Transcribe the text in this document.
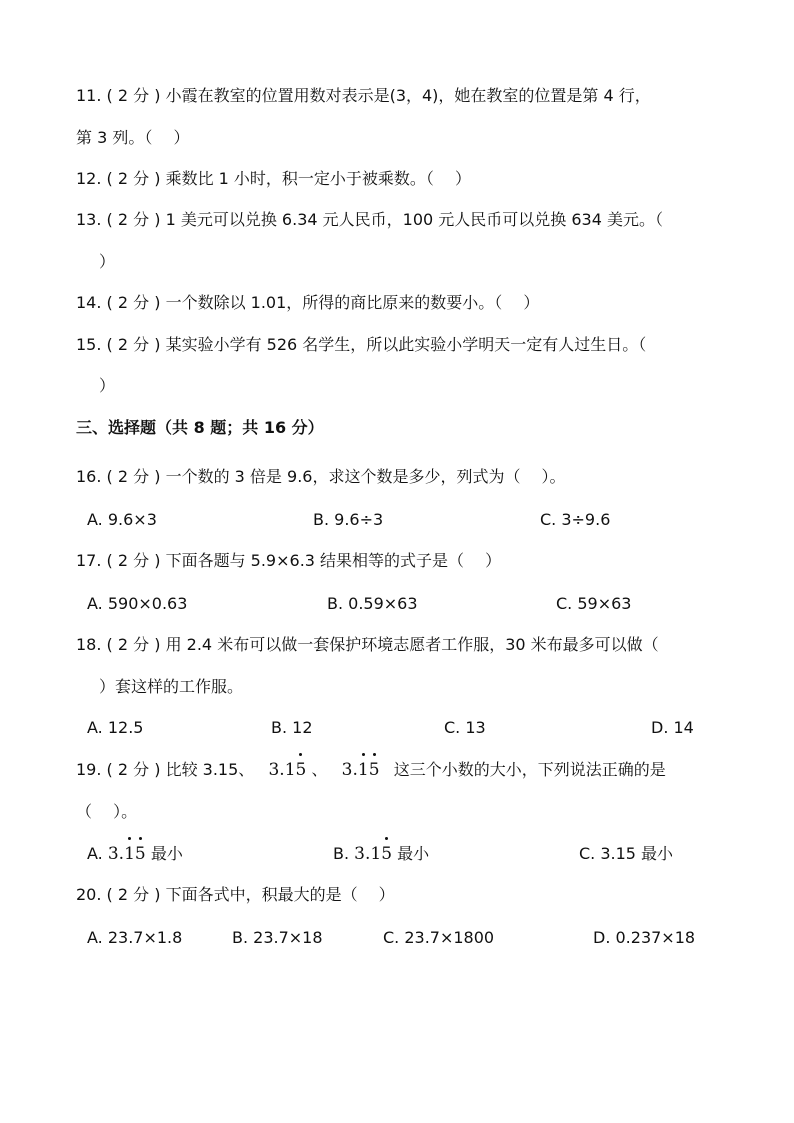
11. ( 2 分 ) 小霞在教室的位置用数对表示是(3，4)，她在教室的位置是第 4 行，
第 3 列。（　 ）
12. ( 2 分 ) 乘数比 1 小时，积一定小于被乘数。（　 ）
13. ( 2 分 ) 1 美元可以兑换 6.34 元人民币，100 元人民币可以兑换 634 美元。（
）
14. ( 2 分 ) 一个数除以 1.01，所得的商比原来的数要小。（　 ）
15. ( 2 分 ) 某实验小学有 526 名学生，所以此实验小学明天一定有人过生日。（
）
三、选择题（共 8 题；共 16 分）
16. ( 2 分 ) 一个数的 3 倍是 9.6，求这个数是多少，列式为（　 ）。
A. 9.6×3	B. 9.6÷3	C. 3÷9.6
17. ( 2 分 ) 下面各题与 5.9×6.3 结果相等的式子是（　 ）
A. 590×0.63	B. 0.59×63	C. 59×63
18. ( 2 分 ) 用 2.4 米布可以做一套保护环境志愿者工作服，30 米布最多可以做（
）套这样的工作服。
A. 12.5	B. 12	C. 13	D. 14
19. ( 2 分 ) 比较 3.15、 3.1
5 、 3.
1
5 这三个小数的大小，下列说法正确的是
（　 ）。
A. 3.
1
5 最小	B. 3.1
5 最小	C. 3.15 最小
20. ( 2 分 ) 下面各式中，积最大的是（　 ）
A. 23.7×1.8	B. 23.7×18	C. 23.7×1800	D. 0.237×18
